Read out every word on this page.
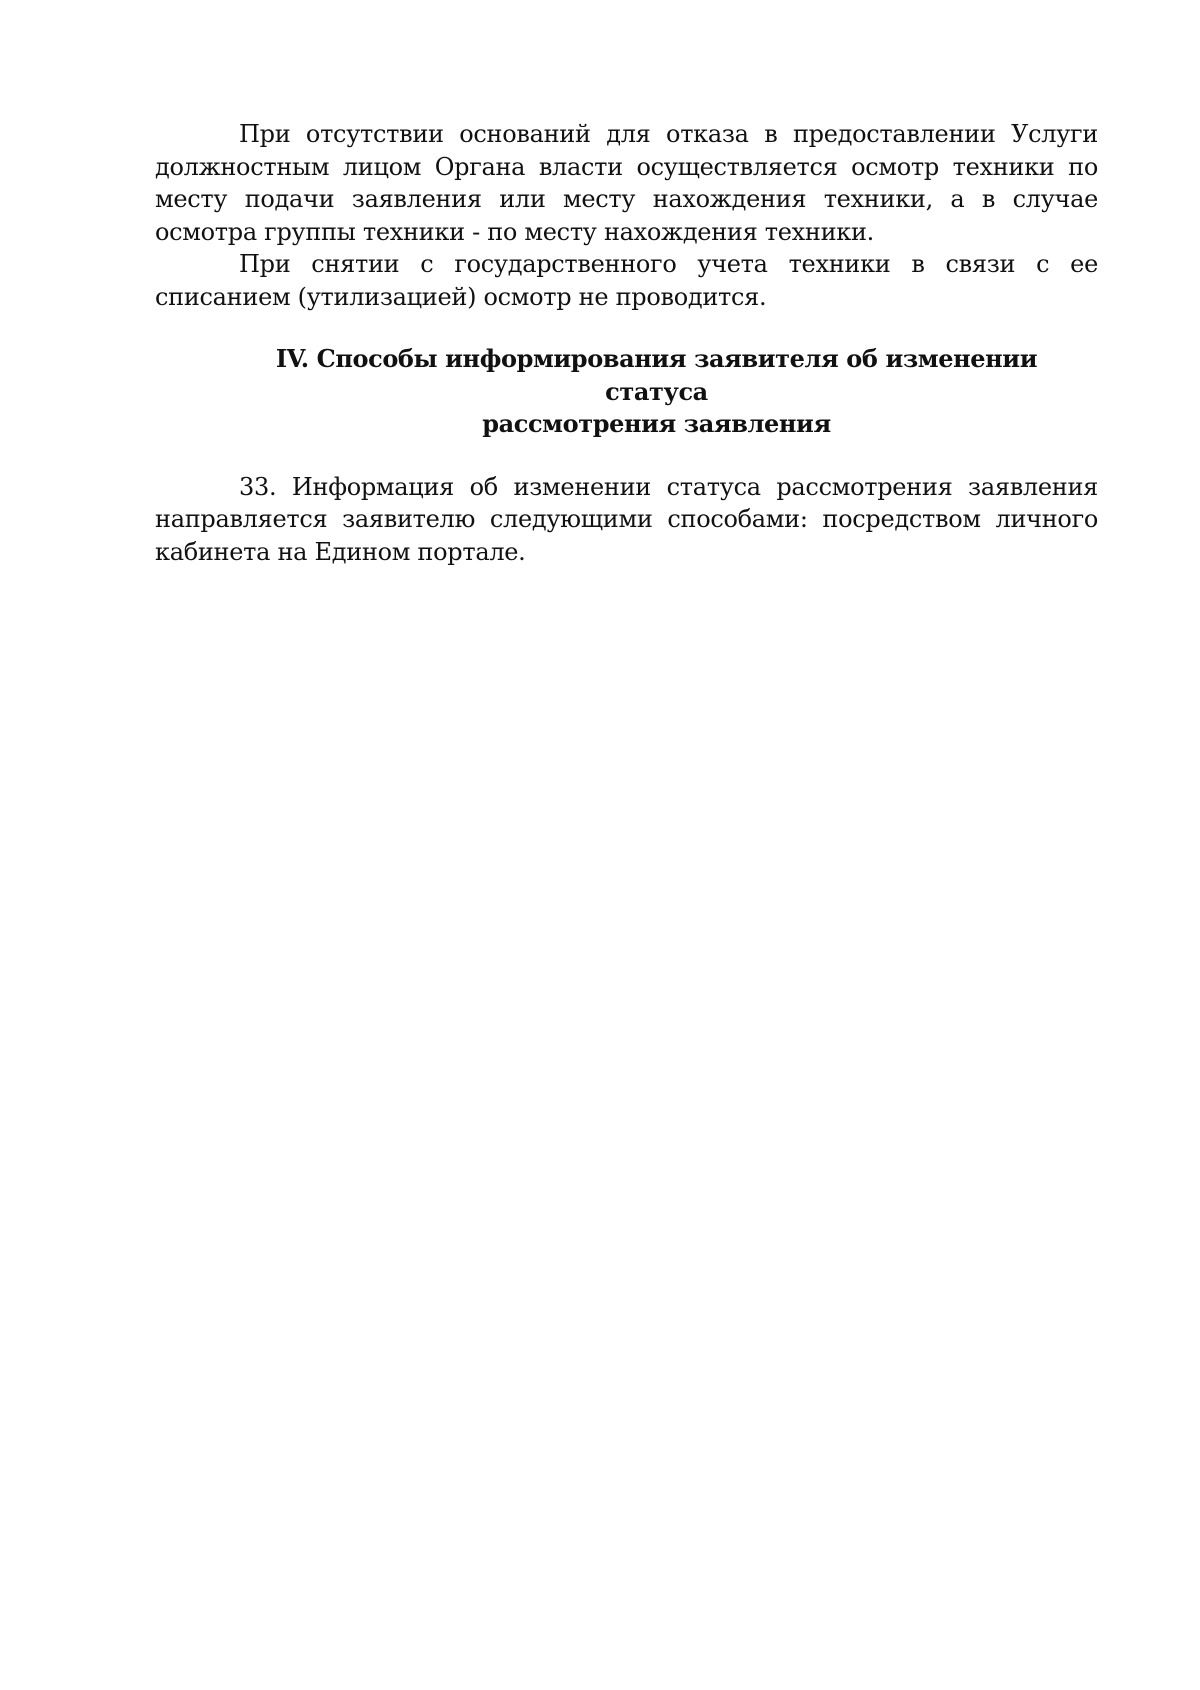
При отсутствии оснований для отказа в предоставлении Услуги должностным лицом Органа власти осуществляется осмотр техники по месту подачи заявления или месту нахождения техники, а в случае осмотра группы техники - по месту нахождения техники.

При снятии с государственного учета техники в связи с ее списанием (утилизацией) осмотр не проводится.

IV. Способы информирования заявителя об изменении статуса
рассмотрения заявления

33. Информация об изменении статуса рассмотрения заявления направляется заявителю следующими способами: посредством личного кабинета на Едином портале.
